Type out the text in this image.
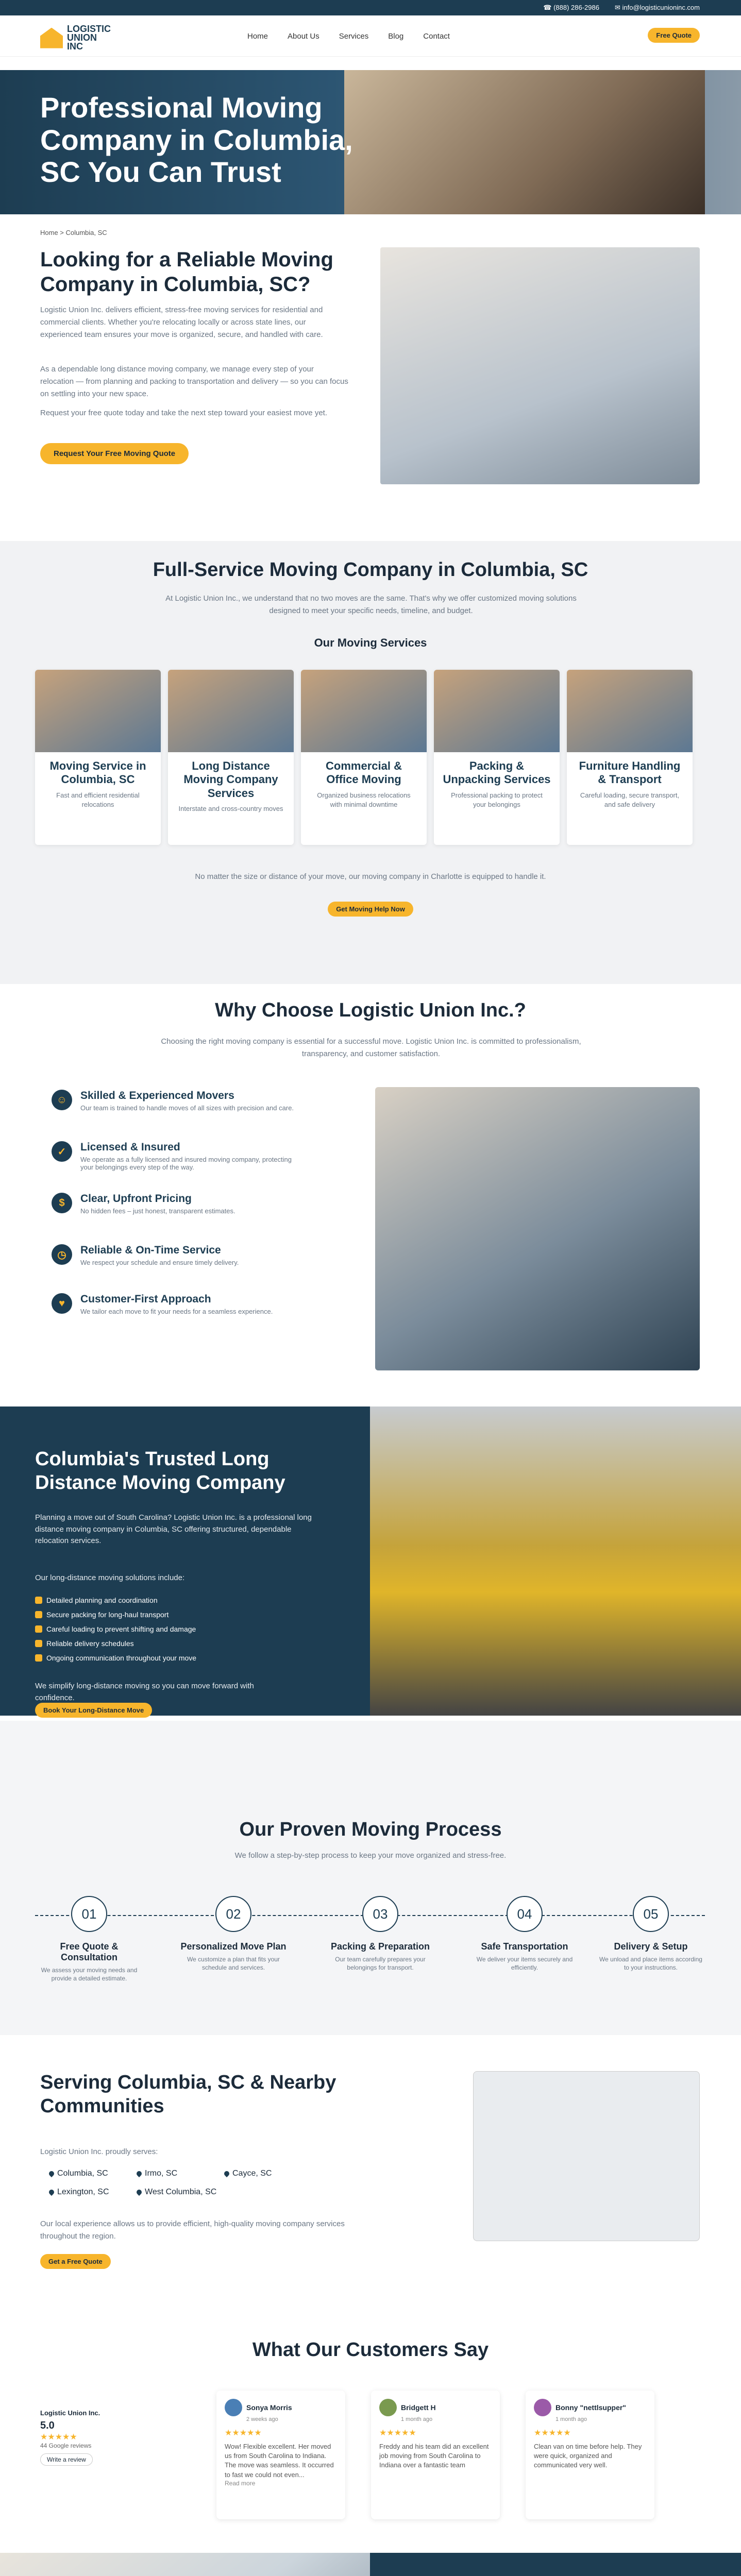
☎ (888) 286-2986 ✉ info@logisticunioninc.com
LOGISTIC
UNION
INC
Home	About Us	Services	Blog	Contact	Free Quote
Professional Moving Company in Columbia, SC You Can Trust
Home > Columbia, SC
Looking for a Reliable Moving Company in Columbia, SC?

Logistic Union Inc. delivers efficient, stress-free moving services for residential and commercial clients. Whether you're relocating locally or across state lines, our experienced team ensures your move is organized, secure, and handled with care.

As a dependable long distance moving company, we manage every step of your relocation — from planning and packing to transportation and delivery — so you can focus on settling into your new space.

Request your free quote today and take the next step toward your easiest move yet.

Request Your Free Moving Quote
Full-Service Moving Company in Columbia, SC

At Logistic Union Inc., we understand that no two moves are the same. That's why we offer customized moving solutions designed to meet your specific needs, timeline, and budget.

Our Moving Services
Moving Service in Columbia, SC

Fast and efficient residential relocations

Long Distance Moving Company Services

Interstate and cross-country moves

Commercial & Office Moving

Organized business relocations with minimal downtime

Packing & Unpacking Services

Professional packing to protect your belongings

Furniture Handling & Transport

Careful loading, secure transport, and safe delivery

No matter the size or distance of your move, our moving company in Charlotte is equipped to handle it.

Get Moving Help Now
Why Choose Logistic Union Inc.?

Choosing the right moving company is essential for a successful move. Logistic Union Inc. is committed to professionalism, transparency, and customer satisfaction.

☺	Skilled & Experienced Movers

Our team is trained to handle moves of all sizes with precision and care.

✓	Licensed & Insured

We operate as a fully licensed and insured moving company, protecting your belongings every step of the way.

$	Clear, Upfront Pricing

No hidden fees – just honest, transparent estimates.

◷	Reliable & On-Time Service

We respect your schedule and ensure timely delivery.

♥	Customer-First Approach

We tailor each move to fit your needs for a seamless experience.

Columbia's Trusted Long Distance Moving Company

Planning a move out of South Carolina? Logistic Union Inc. is a professional long distance moving company in Columbia, SC offering structured, dependable relocation services.

Our long-distance moving solutions include:

Detailed planning and coordination
Secure packing for long-haul transport
Careful loading to prevent shifting and damage
Reliable delivery schedules
Ongoing communication throughout your move

We simplify long-distance moving so you can move forward with confidence.

Book Your Long-Distance Move
Our Proven Moving Process

We follow a step-by-step process to keep your move organized and stress-free.

01
Free Quote & Consultation

We assess your moving needs and provide a detailed estimate.

02
Personalized Move Plan

We customize a plan that fits your schedule and services.

03
Packing & Preparation

Our team carefully prepares your belongings for transport.

04
Safe Transportation

We deliver your items securely and efficiently.

05
Delivery & Setup

We unload and place items according to your instructions.

Serving Columbia, SC & Nearby Communities

Logistic Union Inc. proudly serves:

Columbia, SC	Irmo, SC	Cayce, SC
Lexington, SC	West Columbia, SC

Our local experience allows us to provide efficient, high-quality moving company services throughout the region.

Get a Free Quote
What Our Customers Say
Logistic Union Inc.
5.0
★★★★★
44 Google reviews
Write a review
Sonya Morris
2 weeks ago
★★★★★

Wow! Flexible excellent. Her moved us from South Carolina to Indiana. The move was seamless. It occurred to fast we could not even...

Read more
Bridgett H
1 month ago
★★★★★

Freddy and his team did an excellent job moving from South Carolina to Indiana over a fantastic team

Bonny "nettlsupper"
1 month ago
★★★★★

Clean van on time before help. They were quick, organized and communicated very well.
